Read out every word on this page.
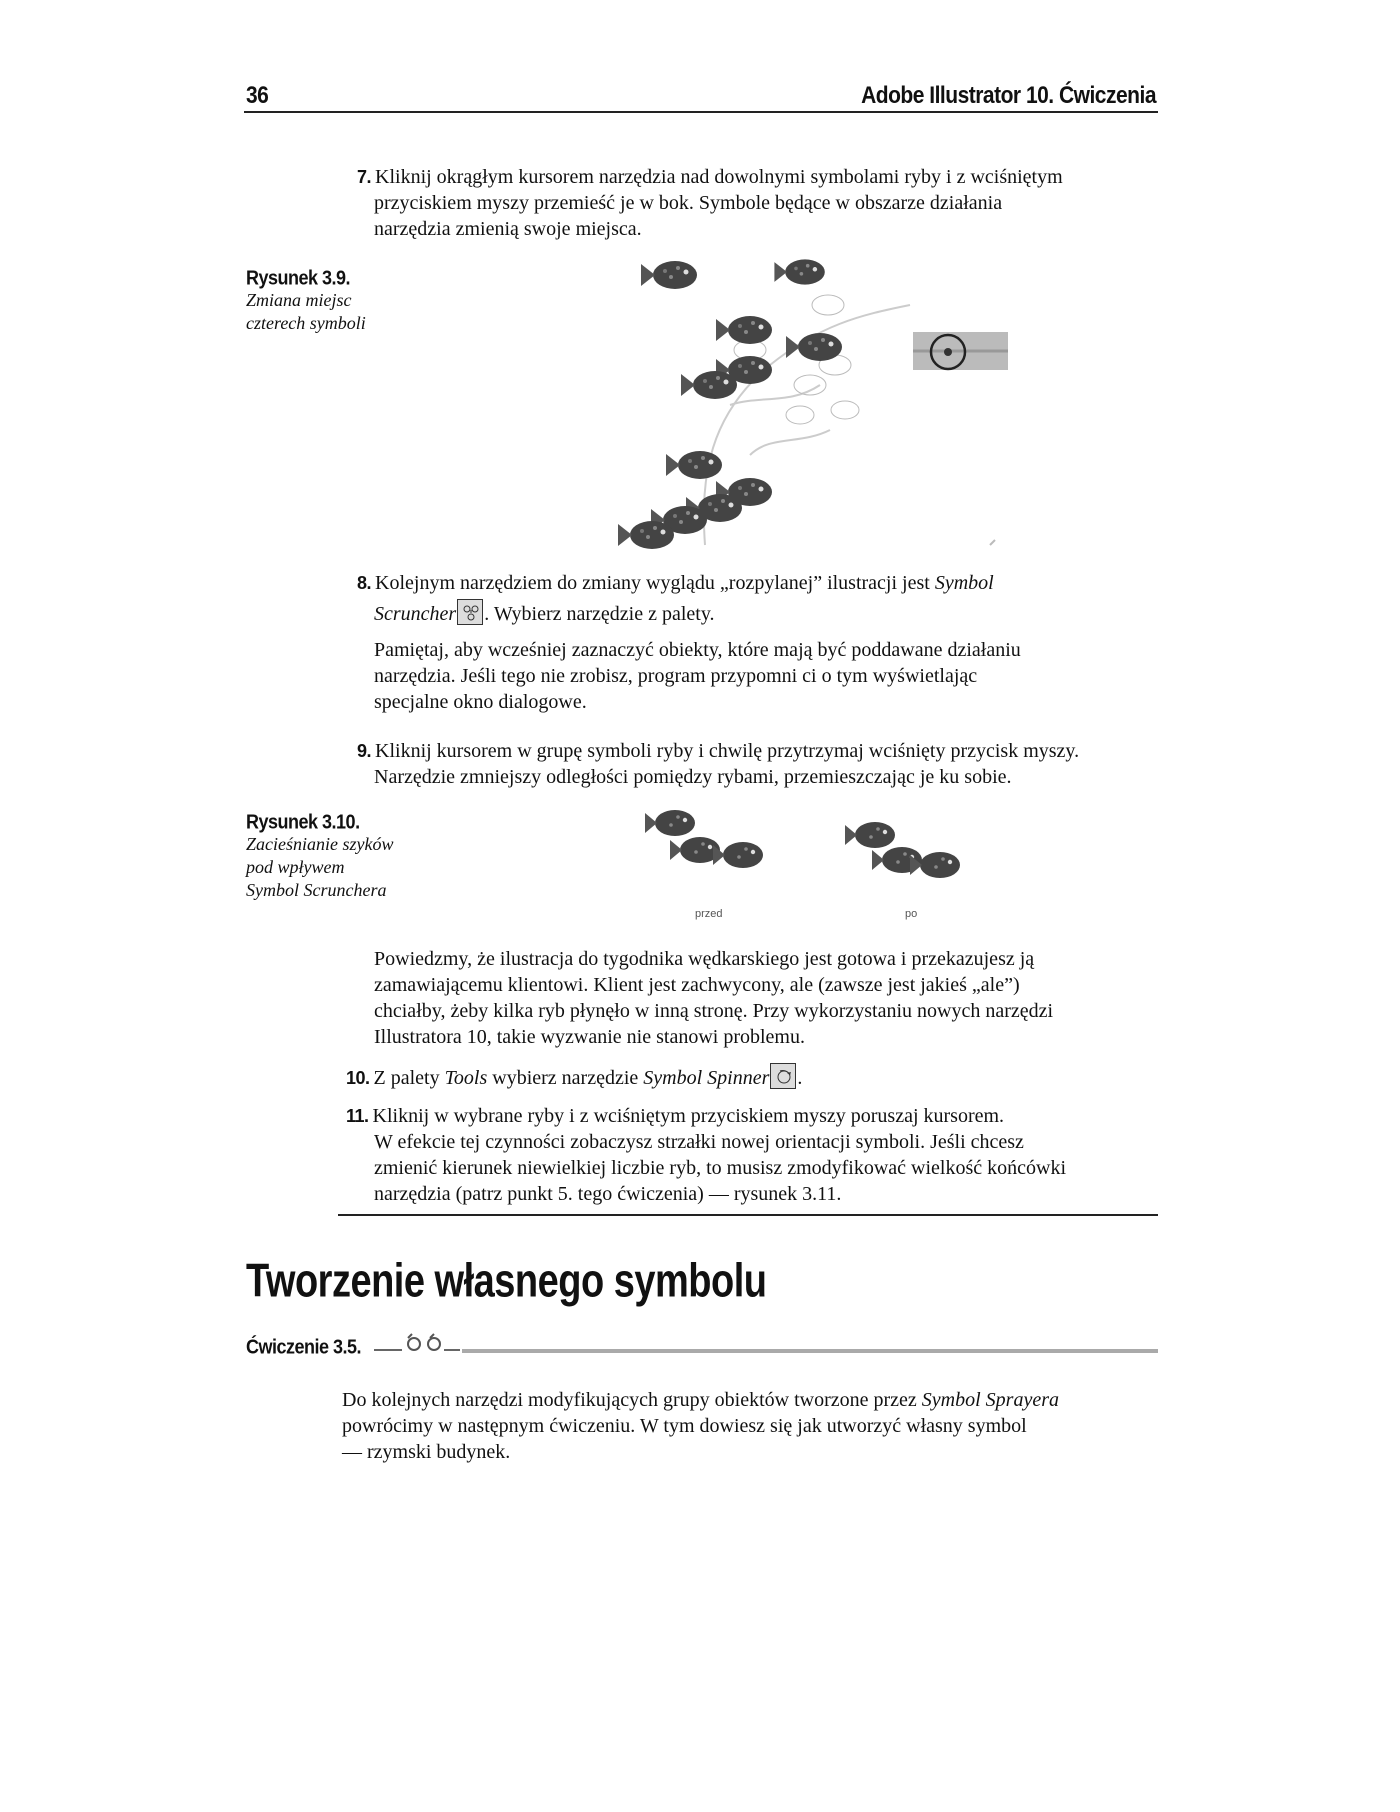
36	Adobe Illustrator 10. Ćwiczenia
7. Kliknij okrągłym kursorem narzędzia nad dowolnymi symbolami ryby i z wciśniętym
przyciskiem myszy przemieść je w bok. Symbole będące w obszarze działania
narzędzia zmienią swoje miejsca.
Rysunek 3.9.
Zmiana miejsc
czterech symboli
8. Kolejnym narzędziem do zmiany wyglądu „rozpylanej” ilustracji jest Symbol
Scruncher . Wybierz narzędzie z palety.
Pamiętaj, aby wcześniej zaznaczyć obiekty, które mają być poddawane działaniu
narzędzia. Jeśli tego nie zrobisz, program przypomni ci o tym wyświetlając
specjalne okno dialogowe.
9. Kliknij kursorem w grupę symboli ryby i chwilę przytrzymaj wciśnięty przycisk myszy.
Narzędzie zmniejszy odległości pomiędzy rybami, przemieszczając je ku sobie.
Rysunek 3.10.
Zacieśnianie szyków
pod wpływem
Symbol Scrunchera
przed	po
Powiedzmy, że ilustracja do tygodnika wędkarskiego jest gotowa i przekazujesz ją
zamawiającemu klientowi. Klient jest zachwycony, ale (zawsze jest jakieś „ale”)
chciałby, żeby kilka ryb płynęło w inną stronę. Przy wykorzystaniu nowych narzędzi
Illustratora 10, takie wyzwanie nie stanowi problemu.
10. Z palety Tools wybierz narzędzie Symbol Spinner .
11. Kliknij w wybrane ryby i z wciśniętym przyciskiem myszy poruszaj kursorem.
W efekcie tej czynności zobaczysz strzałki nowej orientacji symboli. Jeśli chcesz
zmienić kierunek niewielkiej liczbie ryb, to musisz zmodyfikować wielkość końcówki
narzędzia (patrz punkt 5. tego ćwiczenia) — rysunek 3.11.
Tworzenie własnego symbolu
Ćwiczenie 3.5.
Do kolejnych narzędzi modyfikujących grupy obiektów tworzone przez Symbol Sprayera
powrócimy w następnym ćwiczeniu. W tym dowiesz się jak utworzyć własny symbol
— rzymski budynek.
